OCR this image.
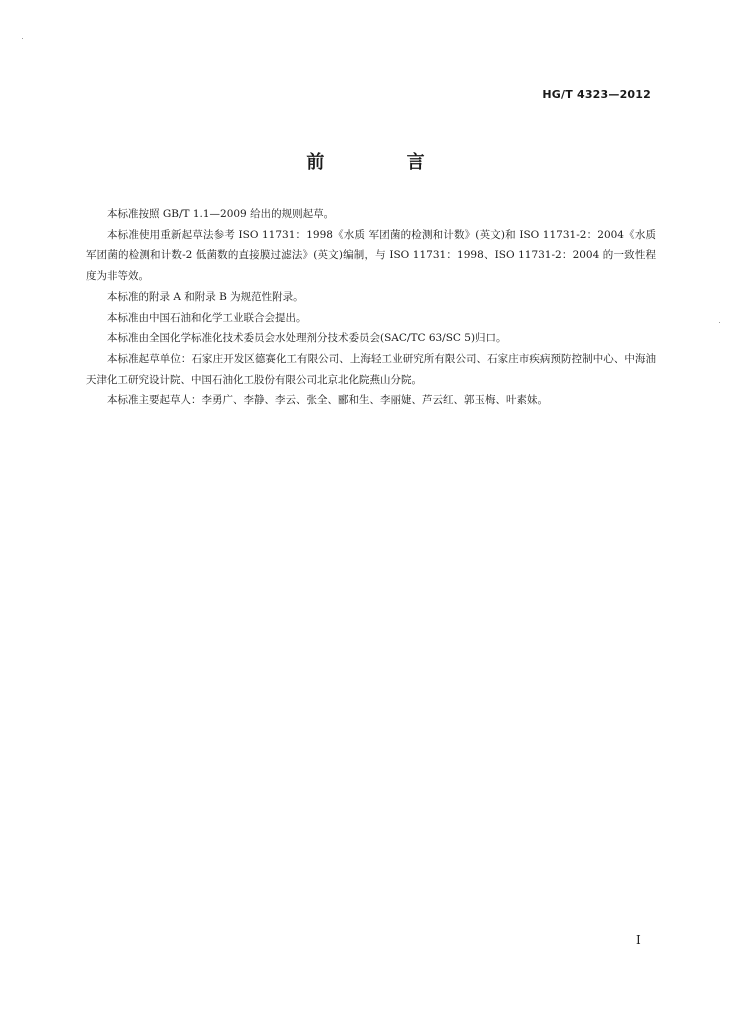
HG/T 4323—2012
前 言

本标准按照 GB/T 1.1—2009 给出的规则起草。

本标准使用重新起草法参考 ISO 11731：1998《水质 军团菌的检测和计数》(英文)和 ISO 11731-2：2004《水质 军团菌的检测和计数-2 低菌数的直接膜过滤法》(英文)编制，与 ISO 11731：1998、ISO 11731-2：2004 的一致性程度为非等效。

本标准的附录 A 和附录 B 为规范性附录。

本标准由中国石油和化学工业联合会提出。

本标准由全国化学标准化技术委员会水处理剂分技术委员会(SAC/TC 63/SC 5)归口。

本标准起草单位：石家庄开发区德赛化工有限公司、上海轻工业研究所有限公司、石家庄市疾病预防控制中心、中海油天津化工研究设计院、中国石油化工股份有限公司北京北化院燕山分院。

本标准主要起草人：李勇广、李静、李云、张全、郦和生、李丽婕、芦云红、郭玉梅、叶素妹。

I
